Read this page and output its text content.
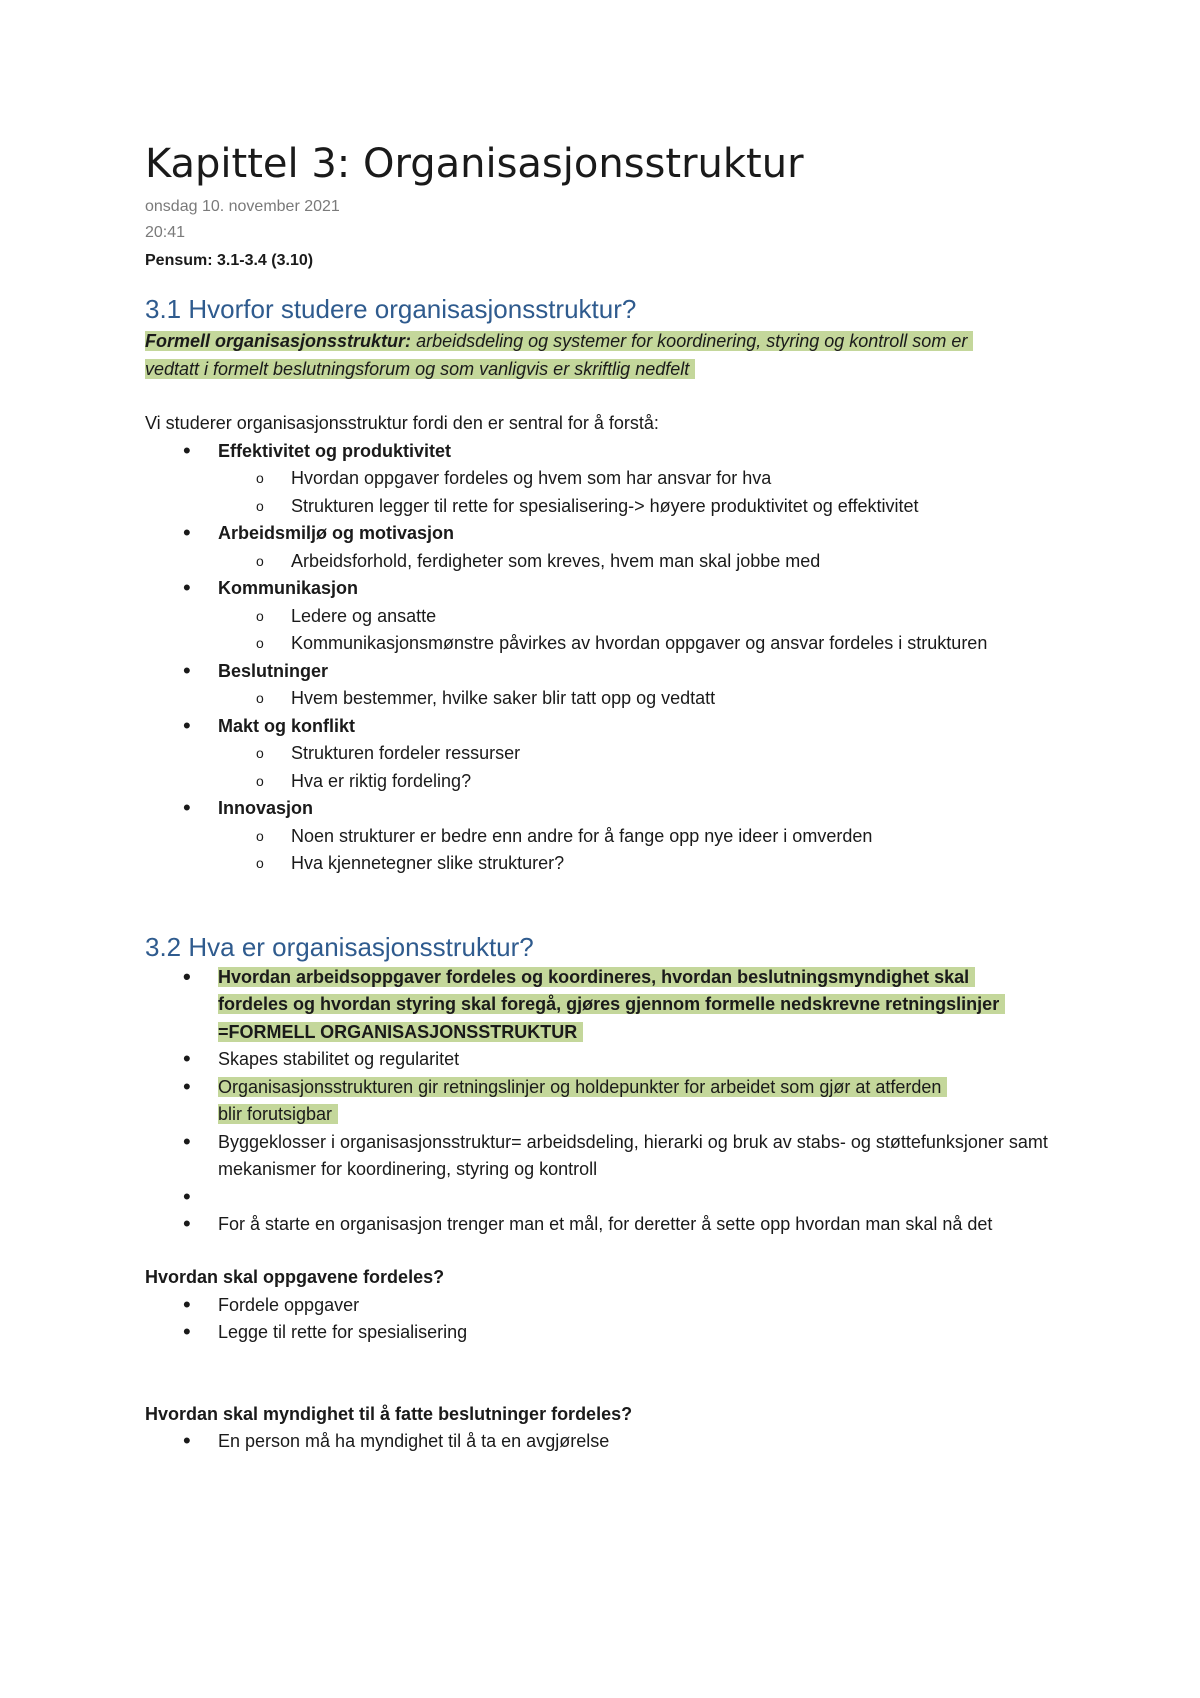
Kapittel 3: Organisasjonsstruktur
onsdag 10. november 2021
20:41
Pensum: 3.1-3.4 (3.10)
3.1 Hvorfor studere organisasjonsstruktur?
Formell organisasjonsstruktur: arbeidsdeling og systemer for koordinering, styring og kontroll som er
vedtatt i formelt beslutningsforum og som vanligvis er skriftlig nedfelt
Vi studerer organisasjonsstruktur fordi den er sentral for å forstå:
• Effektivitet og produktivitet
o Hvordan oppgaver fordeles og hvem som har ansvar for hva
o Strukturen legger til rette for spesialisering-> høyere produktivitet og effektivitet
• Arbeidsmiljø og motivasjon
o Arbeidsforhold, ferdigheter som kreves, hvem man skal jobbe med
• Kommunikasjon
o Ledere og ansatte
o Kommunikasjonsmønstre påvirkes av hvordan oppgaver og ansvar fordeles i strukturen
• Beslutninger
o Hvem bestemmer, hvilke saker blir tatt opp og vedtatt
• Makt og konflikt
o Strukturen fordeler ressurser
o Hva er riktig fordeling?
• Innovasjon
o Noen strukturer er bedre enn andre for å fange opp nye ideer i omverden
o Hva kjennetegner slike strukturer?
3.2 Hva er organisasjonsstruktur?
• Hvordan arbeidsoppgaver fordeles og koordineres, hvordan beslutningsmyndighet skal
fordeles og hvordan styring skal foregå, gjøres gjennom formelle nedskrevne retningslinjer
=FORMELL ORGANISASJONSSTRUKTUR
• Skapes stabilitet og regularitet
• Organisasjonsstrukturen gir retningslinjer og holdepunkter for arbeidet som gjør at atferden
blir forutsigbar
• Byggeklosser i organisasjonsstruktur= arbeidsdeling, hierarki og bruk av stabs- og støttefunksjoner samt mekanismer for koordinering, styring og kontroll
•
• For å starte en organisasjon trenger man et mål, for deretter å sette opp hvordan man skal nå det
Hvordan skal oppgavene fordeles?
• Fordele oppgaver
• Legge til rette for spesialisering
Hvordan skal myndighet til å fatte beslutninger fordeles?
• En person må ha myndighet til å ta en avgjørelse
